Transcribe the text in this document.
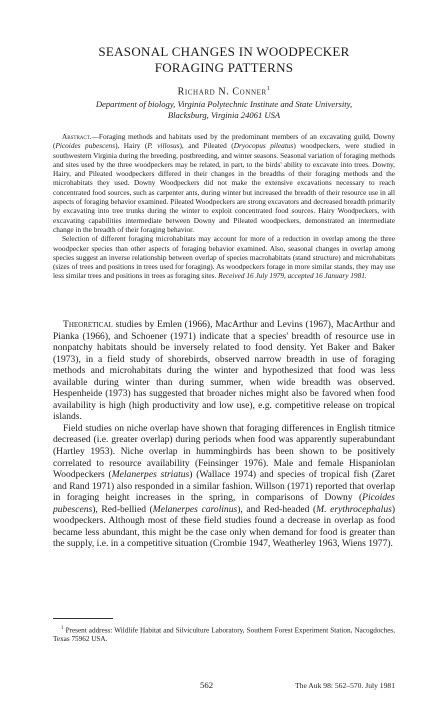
SEASONAL CHANGES IN WOODPECKER
FORAGING PATTERNS
Richard N. Conner$^1$
Department of biology, Virginia Polytechnic Institute and State University,
Blacksburg, Virginia 24061 USA

Abstract.—Foraging methods and habitats used by the predominant members of an excavating guild, Downy (Picoides pubescens), Hairy (P. villosus), and Pileated (Dryocopus pileatus) woodpeckers, were studied in southwestern Virginia during the breeding, postbreeding, and winter seasons. Seasonal variation of foraging methods and sites used by the three woodpeckers may be related, in part, to the birds' ability to excavate into trees. Downy, Hairy, and Pileated woodpeckers differed in their changes in the breadths of their foraging methods and the microhabitats they used. Downy Woodpeckers did not make the extensive excavations necessary to reach concentrated food sources, such as carpenter ants, during winter but increased the breadth of their resource use in all aspects of foraging behavior examined. Pileated Woodpeckers are strong excavators and decreased breadth primarily by excavating into tree trunks during the winter to exploit concentrated food sources. Hairy Woodpeckers, with excavating capabilities intermediate between Downy and Pileated woodpeckers, demonstrated an intermediate change in the breadth of their foraging behavior.

Selection of different foraging microhabitats may account for more of a reduction in overlap among the three woodpecker species than other aspects of foraging behavior examined. Also, seasonal changes in overlap among species suggest an inverse relationship between overlap of species macrohabitats (stand structure) and microhabitats (sizes of trees and positions in trees used for foraging). As woodpeckers forage in more similar stands, they may use less similar trees and positions in trees as foraging sites. Received 16 July 1979, accepted 16 January 1981.

Theoretical studies by Emlen (1966), MacArthur and Levins (1967), MacArthur and Pianka (1966), and Schoener (1971) indicate that a species' breadth of resource use in nonpatchy habitats should be inversely related to food density. Yet Baker and Baker (1973), in a field study of shorebirds, observed narrow breadth in use of foraging methods and microhabitats during the winter and hypothesized that food was less available during winter than during summer, when wide breadth was observed. Hespenheide (1973) has suggested that broader niches might also be favored when food availability is high (high productivity and low use), e.g. competitive release on tropical islands.

Field studies on niche overlap have shown that foraging differences in English titmice decreased (i.e. greater overlap) during periods when food was apparently superabundant (Hartley 1953). Niche overlap in hummingbirds has been shown to be positively correlated to resource availability (Feinsinger 1976). Male and female Hispaniolan Woodpeckers (Melanerpes striatus) (Wallace 1974) and species of tropical fish (Zaret and Rand 1971) also responded in a similar fashion. Willson (1971) reported that overlap in foraging height increases in the spring, in comparisons of Downy (Picoides pubescens), Red-bellied (Melanerpes carolinus), and Red-headed (M. erythrocephalus) woodpeckers. Although most of these field studies found a decrease in overlap as food became less abundant, this might be the case only when demand for food is greater than the supply, i.e. in a competitive situation (Crombie 1947, Weatherley 1963, Wiens 1977).

$^1$ Present address: Wildlife Habitat and Silviculture Laboratory, Southern Forest Experiment Station, Nacogdoches, Texas 75962 USA.

562	The Auk 98: 562–570. July 1981
